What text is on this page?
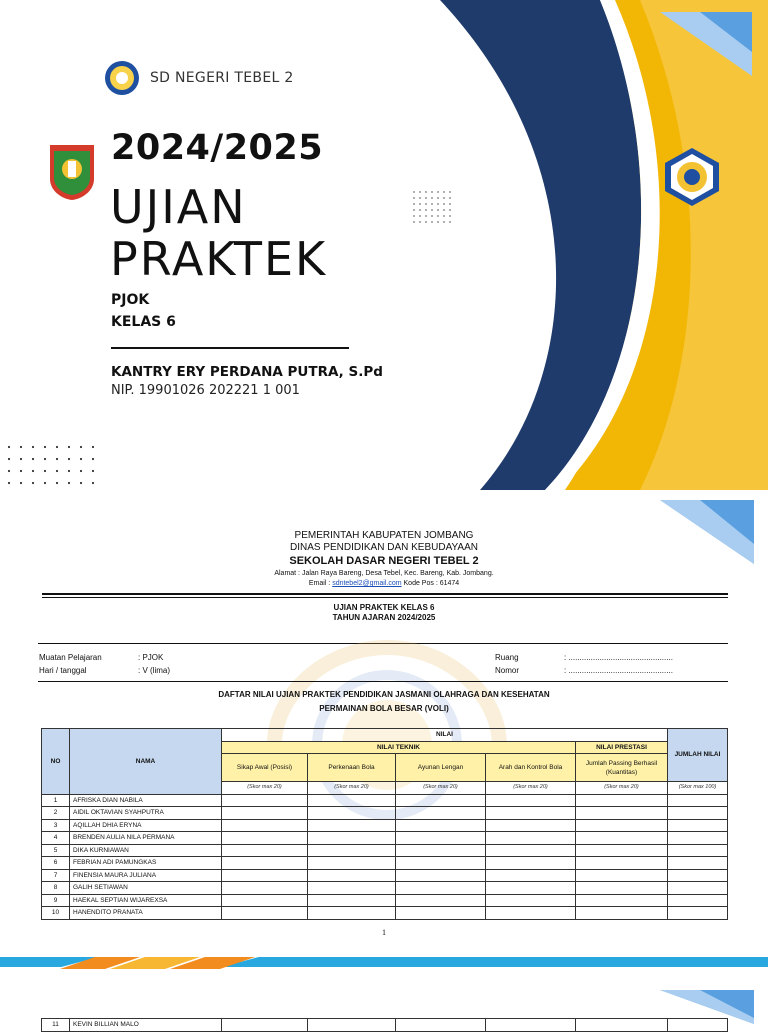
SD NEGERI TEBEL 2
2024/2025
UJIAN
PRAKTEK
PJOK
KELAS 6
KANTRY ERY PERDANA PUTRA, S.Pd
NIP. 19901026 202221 1 001
PEMERINTAH KABUPATEN JOMBANG
DINAS PENDIDIKAN DAN KEBUDAYAAN
SEKOLAH DASAR NEGERI TEBEL 2
Alamat : Jalan Raya Bareng, Desa Tebel, Kec. Bareng, Kab. Jombang.
Email : sdntebel2@gmail.com Kode Pos : 61474
UJIAN PRAKTEK KELAS 6
TAHUN AJARAN 2024/2025
Muatan Pelajaran	: PJOK
Hari / tanggal	: V (lima)
Ruang	: ...............................................
Nomor	: ...............................................
DAFTAR NILAI UJIAN PRAKTEK PENDIDIKAN JASMANI OLAHRAGA DAN KESEHATAN
PERMAINAN BOLA BESAR (VOLI)
NO	NAMA	NILAI					JUMLAH NILAI
		NILAI TEKNIK				NILAI PRESTASI	
		Sikap Awal (Posisi)	Perkenaan Bola	Ayunan Lengan	Arah dan Kontrol Bola	Jumlah Passing Berhasil (Kuantitas)	
		(Skor max 20)	(Skor max 20)	(Skor max 20)	(Skor max 20)	(Skor max 20)	(Skor max 100)
1	AFRISKA DIAN NABILA						
2	AIDIL OKTAVIAN SYAHPUTRA						
3	AQILLAH DHIA ERYNA						
4	BRENDEN AULIA NILA PERMANA						
5	DIKA KURNIAWAN						
6	FEBRIAN ADI PAMUNGKAS						
7	FINENSIA MAURA JULIANA						
8	GALIH SETIAWAN						
9	HAEKAL SEPTIAN WIJAREXSA						
10	HANENDITO PRANATA						
1
11	KEVIN BILLIAN MALO						
